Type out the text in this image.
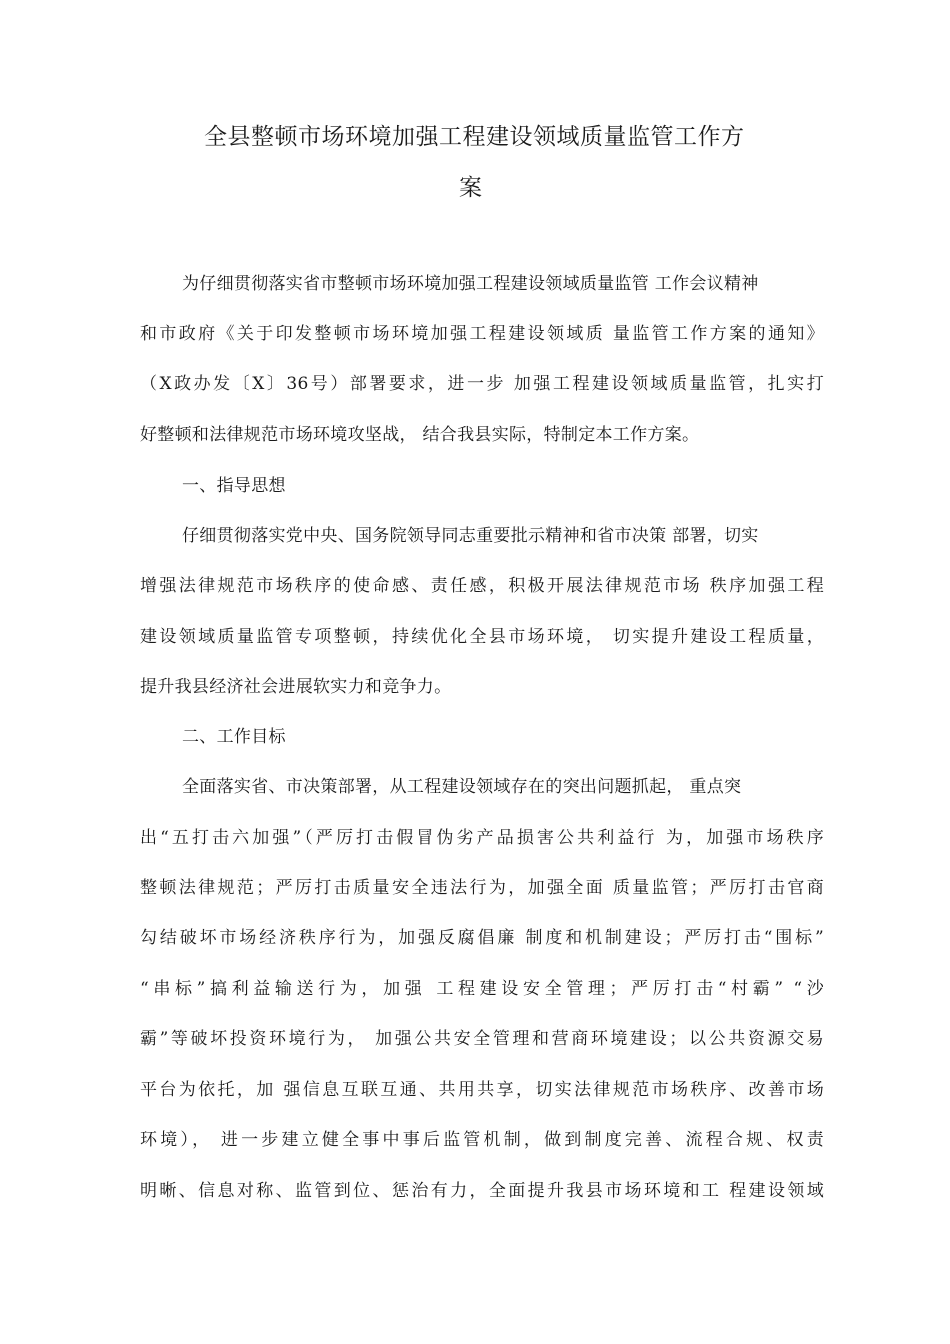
全县整顿市场环境加强工程建设领域质量监管工作方
案
为仔细贯彻落实省市整顿市场环境加强工程建设领域质量监管 工作会议精神
和市政府《关于印发整顿市场环境加强工程建设领域质 量监管工作方案的通知》
（X政办发〔X〕36号）部署要求，进一步 加强工程建设领域质量监管，扎实打
好整顿和法律规范市场环境攻坚战， 结合我县实际，特制定本工作方案。
一、指导思想
仔细贯彻落实党中央、国务院领导同志重要批示精神和省市决策 部署，切实
增强法律规范市场秩序的使命感、责任感，积极开展法律规范市场 秩序加强工程
建设领域质量监管专项整顿，持续优化全县市场环境， 切实提升建设工程质量，
提升我县经济社会进展软实力和竞争力。
二、工作目标
全面落实省、市决策部署，从工程建设领域存在的突出问题抓起， 重点突
出“五打击六加强”（严厉打击假冒伪劣产品损害公共利益行 为，加强市场秩序
整顿法律规范；严厉打击质量安全违法行为，加强全面 质量监管；严厉打击官商
勾结破坏市场经济秩序行为，加强反腐倡廉 制度和机制建设；严厉打击“围标”
“串标”搞利益输送行为，加强 工程建设安全管理；严厉打击“村霸” “沙
霸”等破坏投资环境行为， 加强公共安全管理和营商环境建设；以公共资源交易
平台为依托，加 强信息互联互通、共用共享，切实法律规范市场秩序、改善市场
环境）， 进一步建立健全事中事后监管机制，做到制度完善、流程合规、权责
明晰、信息对称、监管到位、惩治有力，全面提升我县市场环境和工 程建设领域
